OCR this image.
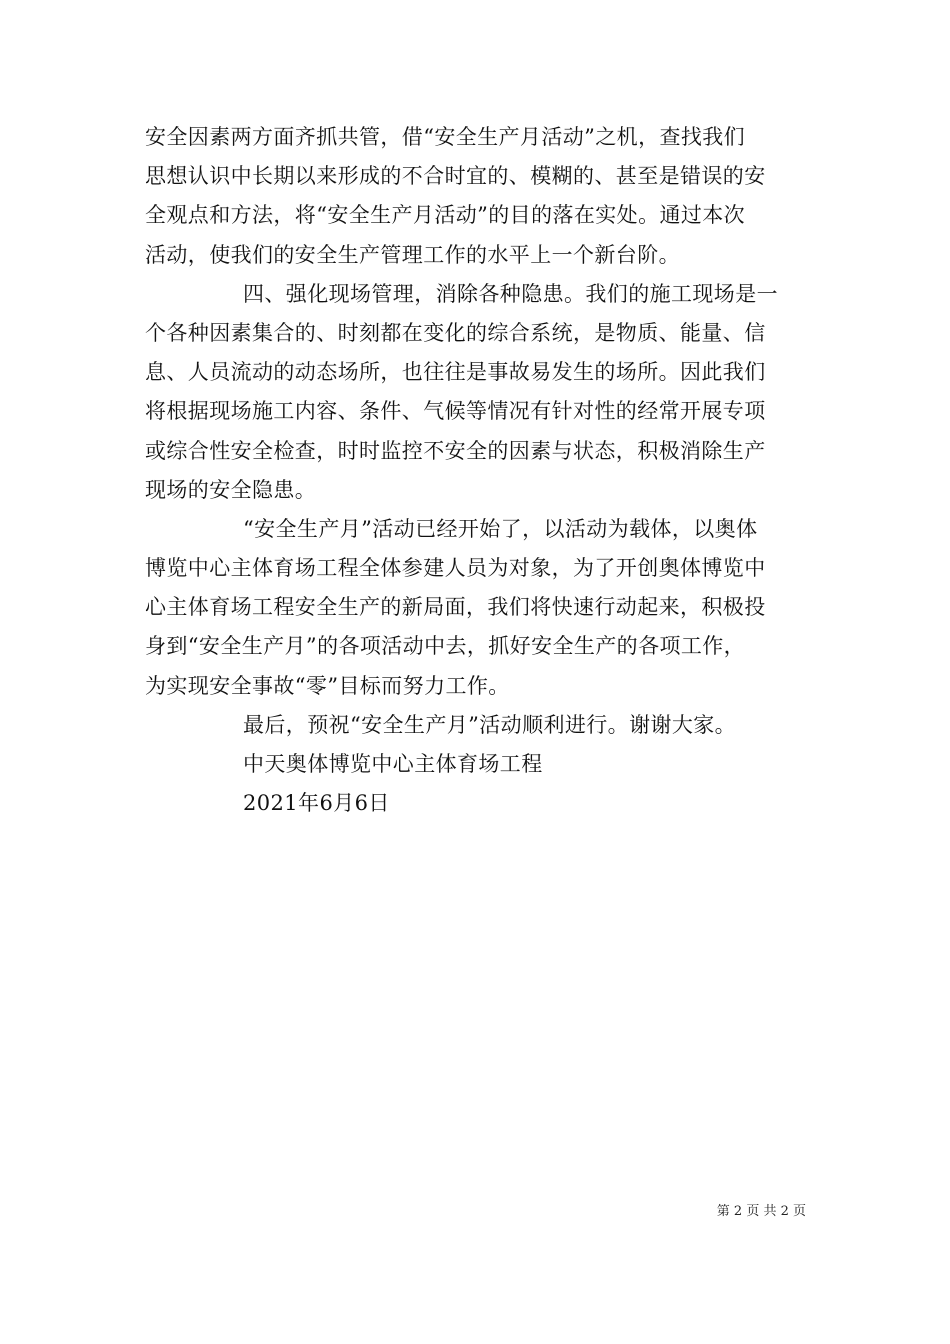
安全因素两方面齐抓共管，借“安全生产月活动”之机，查找我们
思想认识中长期以来形成的不合时宜的、模糊的、甚至是错误的安
全观点和方法，将“安全生产月活动”的目的落在实处。通过本次
活动，使我们的安全生产管理工作的水平上一个新台阶。
四、强化现场管理，消除各种隐患。我们的施工现场是一
个各种因素集合的、时刻都在变化的综合系统，是物质、能量、信
息、人员流动的动态场所，也往往是事故易发生的场所。因此我们
将根据现场施工内容、条件、气候等情况有针对性的经常开展专项
或综合性安全检查，时时监控不安全的因素与状态，积极消除生产
现场的安全隐患。
“安全生产月”活动已经开始了，以活动为载体，以奥体
博览中心主体育场工程全体参建人员为对象，为了开创奥体博览中
心主体育场工程安全生产的新局面，我们将快速行动起来，积极投
身到“安全生产月”的各项活动中去，抓好安全生产的各项工作，
为实现安全事故“零”目标而努力工作。
最后，预祝“安全生产月”活动顺利进行。谢谢大家。
中天奥体博览中心主体育场工程
2021年6月6日
第 2 页 共 2 页
